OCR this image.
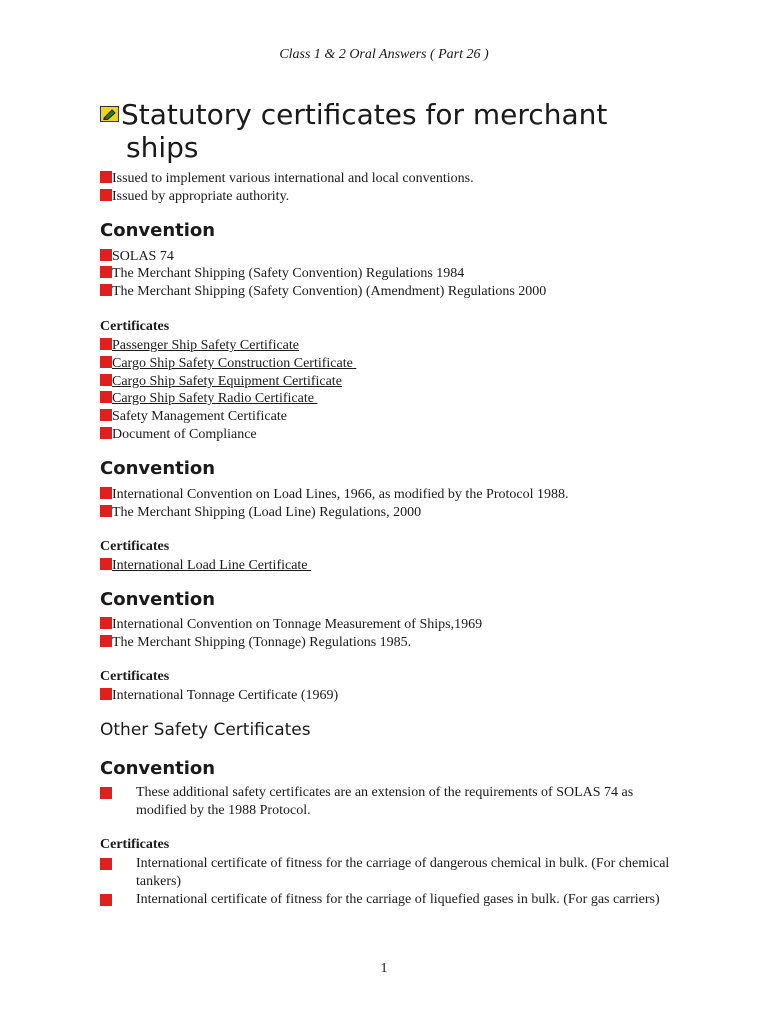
Class 1 & 2 Oral Answers ( Part 26 )
Statutory certificates for merchant
ships
Issued to implement various international and local conventions.
Issued by appropriate authority.
Convention
SOLAS 74
The Merchant Shipping (Safety Convention) Regulations 1984
The Merchant Shipping (Safety Convention) (Amendment) Regulations 2000
Certificates
Passenger Ship Safety Certificate
Cargo Ship Safety Construction Certificate
Cargo Ship Safety Equipment Certificate
Cargo Ship Safety Radio Certificate
Safety Management Certificate
Document of Compliance
Convention
International Convention on Load Lines, 1966, as modified by the Protocol 1988.
The Merchant Shipping (Load Line) Regulations, 2000
Certificates
International Load Line Certificate
Convention
International Convention on Tonnage Measurement of Ships,1969
The Merchant Shipping (Tonnage) Regulations 1985.
Certificates
International Tonnage Certificate (1969)
Other Safety Certificates
Convention
These additional safety certificates are an extension of the requirements of SOLAS 74 as modified by the 1988 Protocol.
Certificates
International certificate of fitness for the carriage of dangerous chemical in bulk. (For chemical tankers)
International certificate of fitness for the carriage of liquefied gases in bulk. (For gas carriers)
1
